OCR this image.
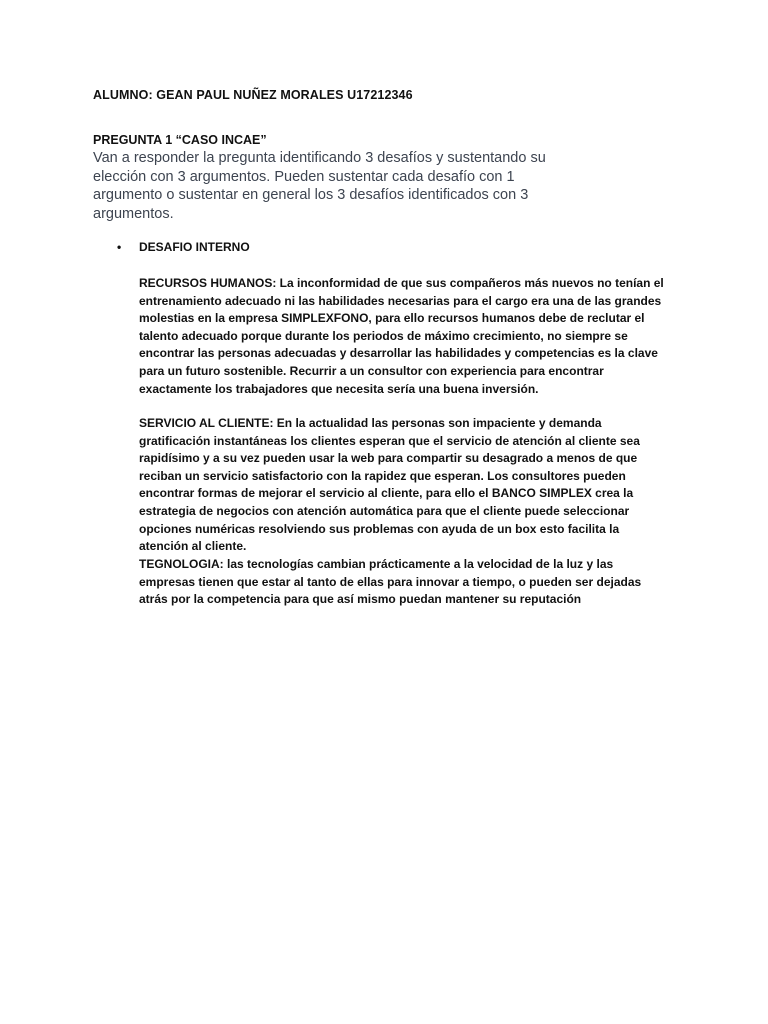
ALUMNO: GEAN PAUL NUÑEZ MORALES U17212346
PREGUNTA 1 “CASO INCAE”
Van a responder la pregunta identificando 3 desafíos y sustentando su elección con 3 argumentos. Pueden sustentar cada desafío con 1 argumento o sustentar en general los 3 desafíos identificados con 3 argumentos.
• DESAFIO INTERNO
RECURSOS HUMANOS: La inconformidad de que sus compañeros más nuevos no tenían el entrenamiento adecuado ni las habilidades necesarias para el cargo era una de las grandes molestias en la empresa SIMPLEXFONO, para ello recursos humanos debe de reclutar el talento adecuado porque durante los periodos de máximo crecimiento, no siempre se encontrar las personas adecuadas y desarrollar las habilidades y competencias es la clave para un futuro sostenible. Recurrir a un consultor con experiencia para encontrar exactamente los trabajadores que necesita sería una buena inversión.
SERVICIO AL CLIENTE: En la actualidad las personas son impaciente y demanda gratificación instantáneas los clientes esperan que el servicio de atención al cliente sea rapidísimo y a su vez pueden usar la web para compartir su desagrado a menos de que reciban un servicio satisfactorio con la rapidez que esperan. Los consultores pueden encontrar formas de mejorar el servicio al cliente, para ello el BANCO SIMPLEX crea la estrategia de negocios con atención automática para que el cliente puede seleccionar opciones numéricas resolviendo sus problemas con ayuda de un box esto facilita la atención al cliente.
TEGNOLOGIA: las tecnologías cambian prácticamente a la velocidad de la luz y las empresas tienen que estar al tanto de ellas para innovar a tiempo, o pueden ser dejadas atrás por la competencia para que así mismo puedan mantener su reputación
